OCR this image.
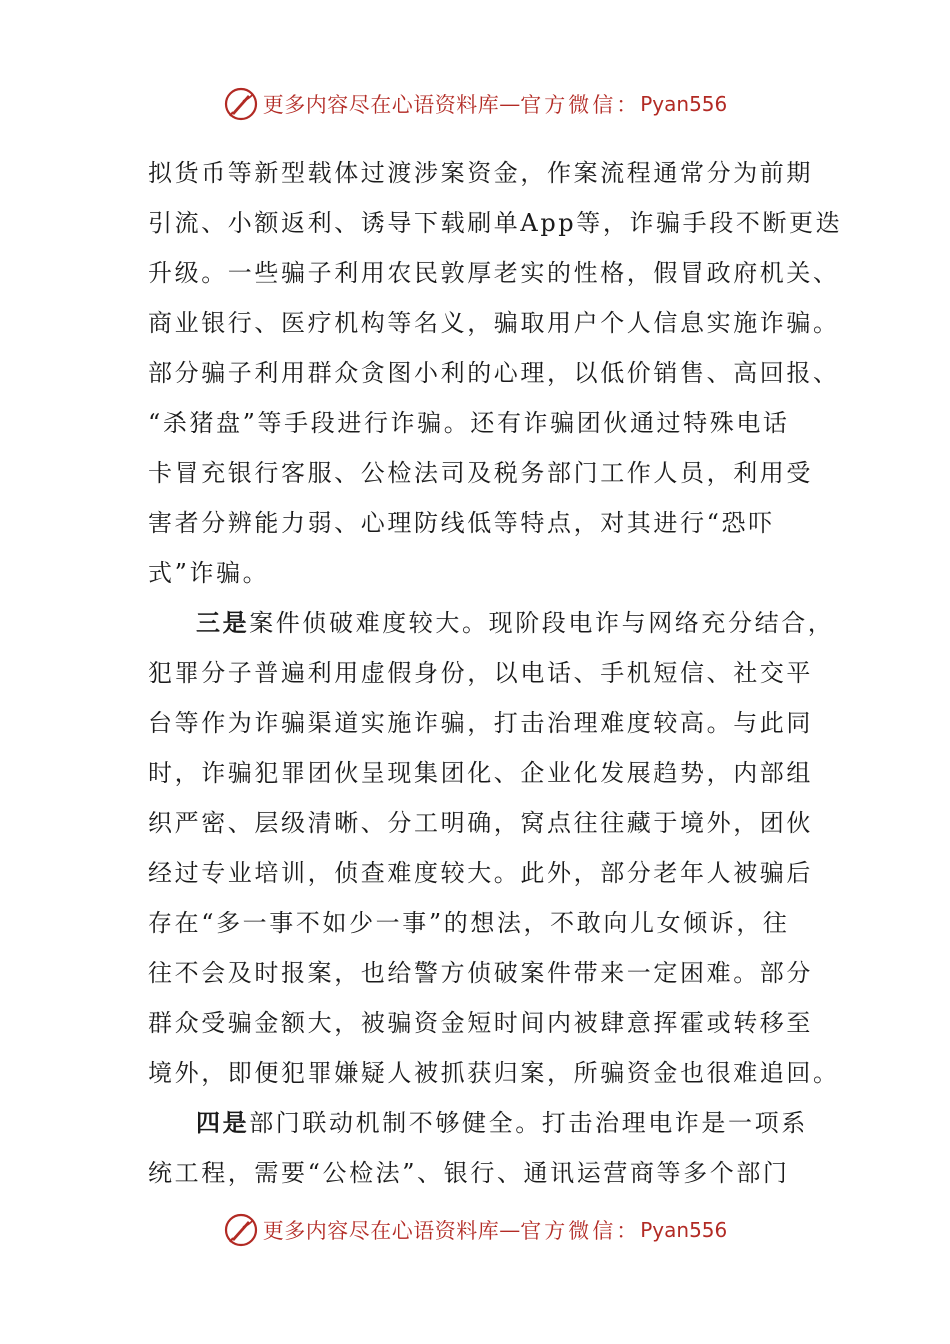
更多内容尽在心语资料库 — 官方微信： Pyan556
拟货币等新型载体过渡涉案资金，作案流程通常分为前期
引流、小额返利、诱导下载刷单App等，诈骗手段不断更迭
升级。一些骗子利用农民敦厚老实的性格，假冒政府机关、
商业银行、医疗机构等名义，骗取用户个人信息实施诈骗。
部分骗子利用群众贪图小利的心理，以低价销售、高回报、
“杀猪盘”等手段进行诈骗。还有诈骗团伙通过特殊电话
卡冒充银行客服、公检法司及税务部门工作人员，利用受
害者分辨能力弱、心理防线低等特点，对其进行“恐吓
式”诈骗。
三是案件侦破难度较大。现阶段电诈与网络充分结合，
犯罪分子普遍利用虚假身份，以电话、手机短信、社交平
台等作为诈骗渠道实施诈骗，打击治理难度较高。与此同
时，诈骗犯罪团伙呈现集团化、企业化发展趋势，内部组
织严密、层级清晰、分工明确，窝点往往藏于境外，团伙
经过专业培训，侦查难度较大。此外，部分老年人被骗后
存在“多一事不如少一事”的想法，不敢向儿女倾诉，往
往不会及时报案，也给警方侦破案件带来一定困难。部分
群众受骗金额大，被骗资金短时间内被肆意挥霍或转移至
境外，即便犯罪嫌疑人被抓获归案，所骗资金也很难追回。
四是部门联动机制不够健全。打击治理电诈是一项系
统工程，需要“公检法”、银行、通讯运营商等多个部门
更多内容尽在心语资料库 — 官方微信： Pyan556
